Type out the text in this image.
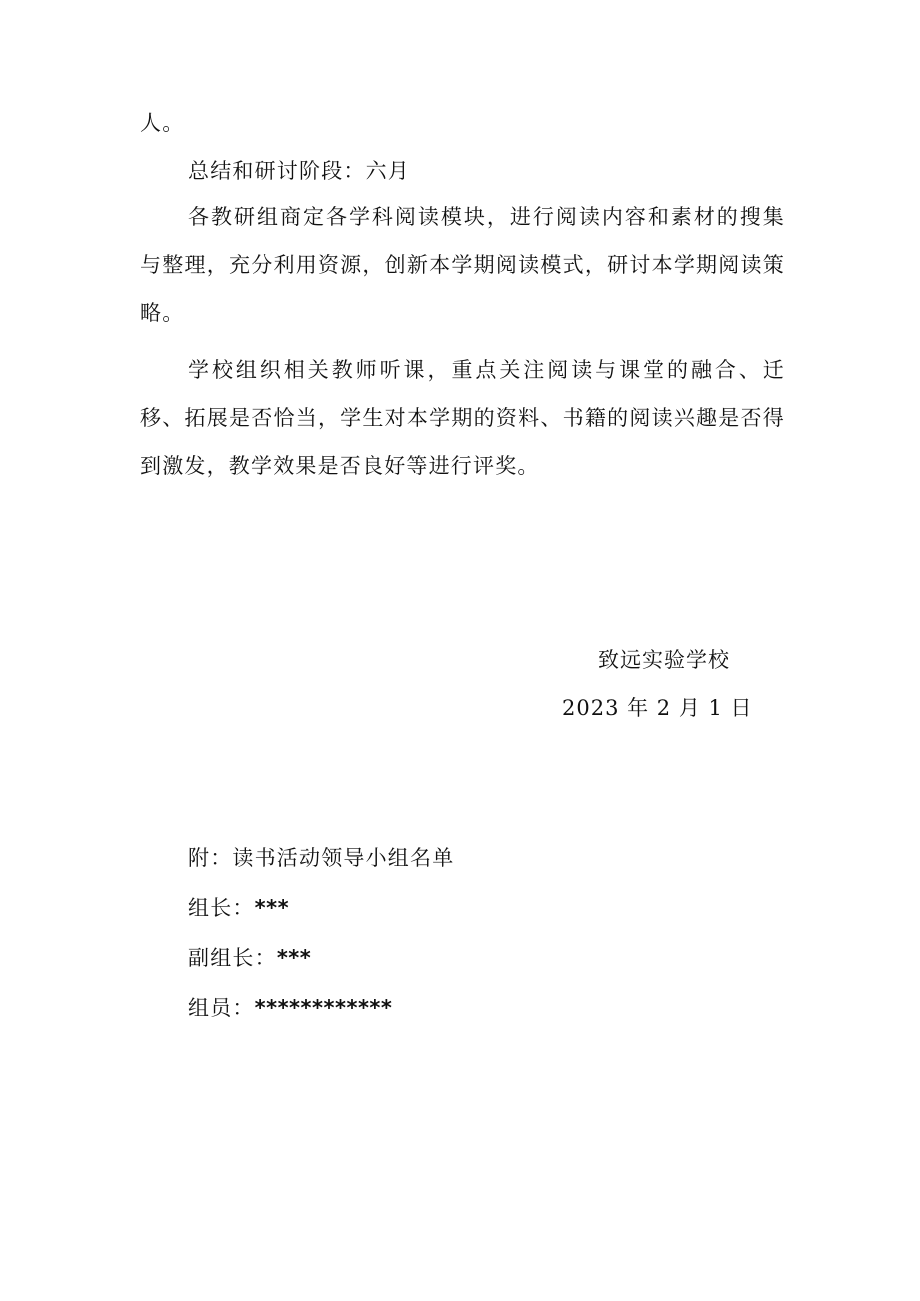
人。
总结和研讨阶段：六月
各教研组商定各学科阅读模块，进行阅读内容和素材的搜集与整理，充分利用资源，创新本学期阅读模式，研讨本学期阅读策略。
学校组织相关教师听课，重点关注阅读与课堂的融合、迁移、拓展是否恰当，学生对本学期的资料、书籍的阅读兴趣是否得到激发，教学效果是否良好等进行评奖。
致远实验学校
2023 年 2 月 1 日
附：读书活动领导小组名单
组长：***
副组长：***
组员：************
